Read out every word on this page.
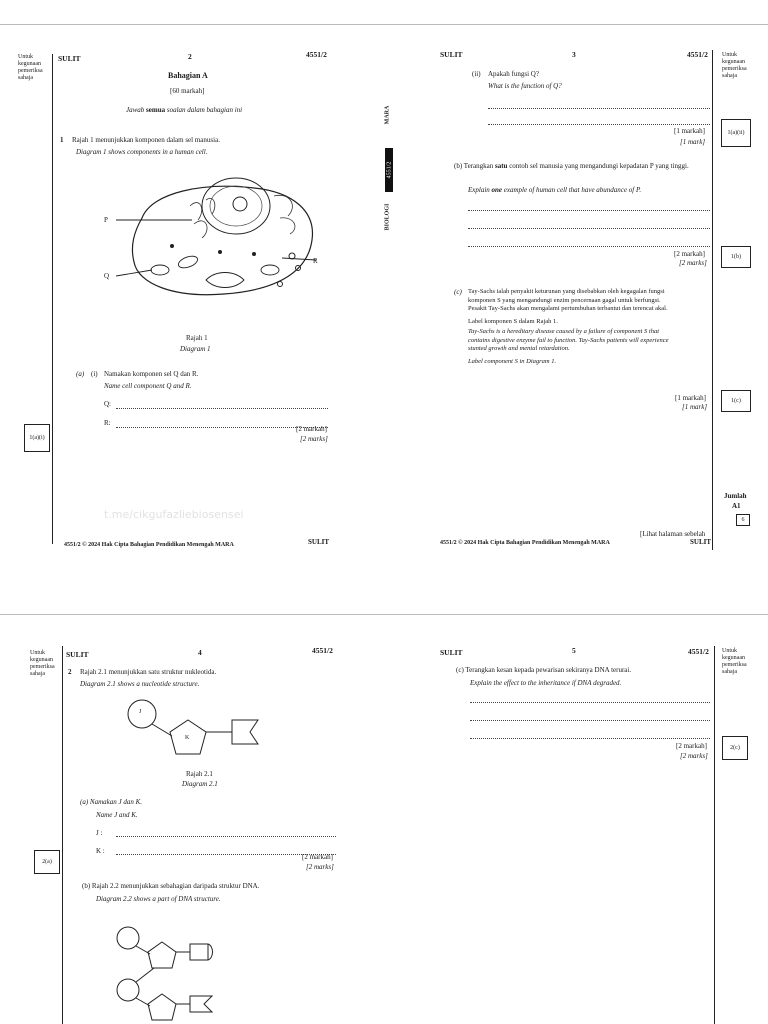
Untuk
kegunaan
pemeriksa
sahaja
SULIT	2	4551/2
Bahagian A
[60 markah]
Jawab semua soalan dalam bahagian ini
1 Rajah 1 menunjukkan komponen dalam sel manusia.
Diagram 1 shows components in a human cell.
P
Q
R
Rajah 1
Diagram 1
(a) (i) Namakan komponen sel Q dan R.
Name cell component Q and R.
Q:
R:
[2 markah]
[2 marks]
1(a)(i)
t.me/cikgufazliebiosensei
4551/2 © 2024 Hak Cipta Bahagian Pendidikan Menengah MARA	SULIT
MARA
4551/2
BIOLOGI
SULIT	3	4551/2 Untuk
kegunaan
pemeriksa
sahaja
(ii) Apakah fungsi Q?
What is the function of Q?
[1 markah]
[1 mark]
1(a)(ii)
(b) Terangkan satu contoh sel manusia yang mengandungi kepadatan P yang tinggi.
Explain one example of human cell that have abundance of P.
[2 markah]
[2 marks]
1(b)
(c) Tay-Sachs ialah penyakit keturunan yang disebabkan oleh kegagalan fungsi
komponen S yang mengandungi enzim pencernaan gagal untuk berfungsi.
Pesakit Tay-Sachs akan mengalami pertumbuhan terbantut dan terencat akal.
Label komponen S dalam Rajah 1.
Tay-Sachs is a hereditary disease caused by a failure of component S that
contains digestive enzyme fail to function. Tay-Sachs patients will experience
stunted growth and mental retardation.
Label component S in Diagram 1.
[1 markah]
[1 mark]
1(c)
Jumlah
A1
6
[Lihat halaman sebelah
4551/2 © 2024 Hak Cipta Bahagian Pendidikan Menengah MARA	SULIT
Untuk
kegunaan
pemeriksa
sahaja
SULIT	4	4551/2
2 Rajah 2.1 menunjukkan satu struktur nukleotida.
Diagram 2.1 shows a nucleotide structure.
J
K
Rajah 2.1
Diagram 2.1
(a) Namakan J dan K.
Name J and K.
J :
K :
[2 markah]
[2 marks]
2(a)
(b) Rajah 2.2 menunjukkan sebahagian daripada struktur DNA.
Diagram 2.2 shows a part of DNA structure.
SULIT	5	4551/2 Untuk
kegunaan
pemeriksa
sahaja
(c) Terangkan kesan kepada pewarisan sekiranya DNA terurai.
Explain the effect to the inheritance if DNA degraded.
[2 markah]
[2 marks]
2(c)
